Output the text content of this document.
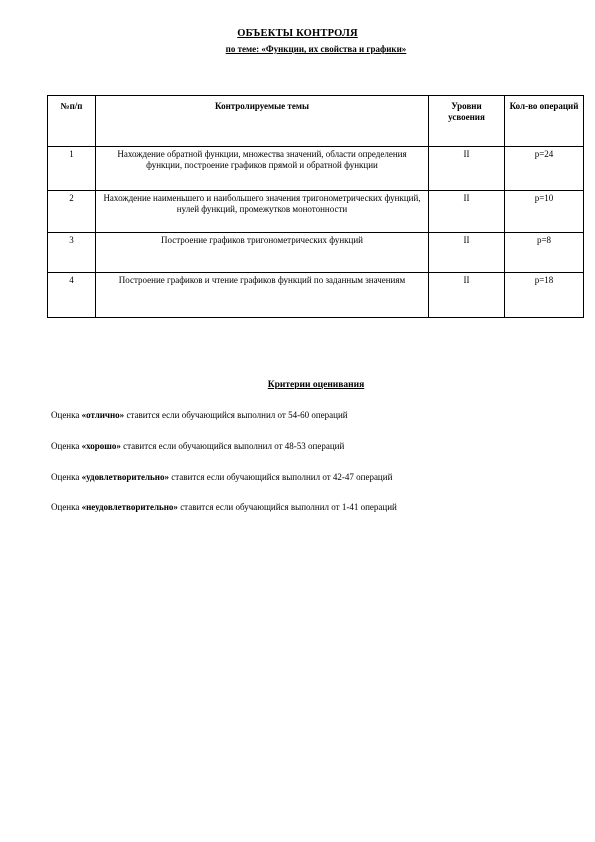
ОБЪЕКТЫ КОНТРОЛЯ
по теме: «Функции, их свойства и графики»
№п/п	Контролируемые темы	Уровни усвоения	Кол-во операций
1	Нахождение обратной функции, множества значений, области определения функции, построение графиков прямой и обратной функции	II	p=24
2	Нахождение наименьшего и наибольшего значения тригонометрических функций, нулей функций, промежутков монотонности	II	p=10
3	Построение графиков тригонометрических функций	II	p=8
4	Построение графиков и чтение графиков функций по заданным значениям	II	p=18
Критерии оценивания
Оценка «отлично» ставится если обучающийся выполнил от 54-60 операций
Оценка «хорошо» ставится если обучающийся выполнил от 48-53 операций
Оценка «удовлетворительно» ставится если обучающийся выполнил от 42-47 операций
Оценка «неудовлетворительно» ставится если обучающийся выполнил от 1-41 операций
